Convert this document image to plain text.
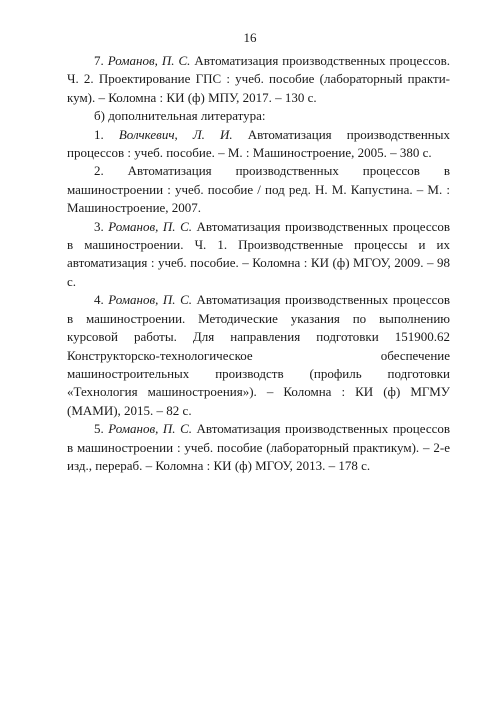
16

7. Романов, П. С. Автоматизация производственных процессов. Ч. 2. Проектирование ГПС : учеб. пособие (лабораторный практикум). – Коломна : КИ (ф) МПУ, 2017. – 130 с.

б) дополнительная литература:

1. Волчкевич, Л. И. Автоматизация производственных процессов : учеб. пособие. – М. : Машиностроение, 2005. – 380 с.

2. Автоматизация производственных процессов в машиностроении : учеб. пособие / под ред. Н. М. Капустина. – М. : Машиностроение, 2007.

3. Романов, П. С. Автоматизация производственных процессов в машиностроении. Ч. 1. Производственные процессы и их автоматизация : учеб. пособие. – Коломна : КИ (ф) МГОУ, 2009. – 98 с.

4. Романов, П. С. Автоматизация производственных процессов в машиностроении. Методические указания по выполнению курсовой работы. Для направления подготовки 151900.62 Конструкторско-технологическое обеспечение машиностроительных производств (профиль подготовки «Технология машиностроения»). – Коломна : КИ (ф) МГМУ (МАМИ), 2015. – 82 с.

5. Романов, П. С. Автоматизация производственных процессов в машиностроении : учеб. пособие (лабораторный практикум). – 2-е изд., перераб. – Коломна : КИ (ф) МГОУ, 2013. – 178 с.
